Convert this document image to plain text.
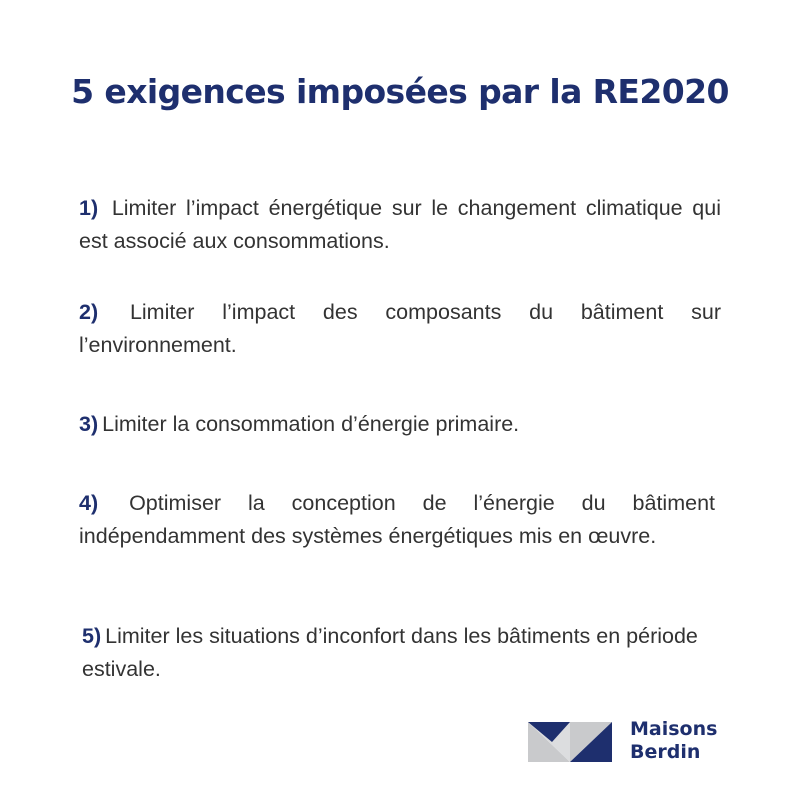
5 exigences imposées par la RE2020
1) Limiter l’impact énergétique sur le changement climatique qui est associé aux consommations.
2) Limiter l’impact des composants du bâtiment sur l’environnement.
3) Limiter la consommation d’énergie primaire.
4) Optimiser la conception de l’énergie du bâtiment indépendamment des systèmes énergétiques mis en œuvre.
5) Limiter les situations d’inconfort dans les bâtiments en période estivale.
Maisons
Berdin
